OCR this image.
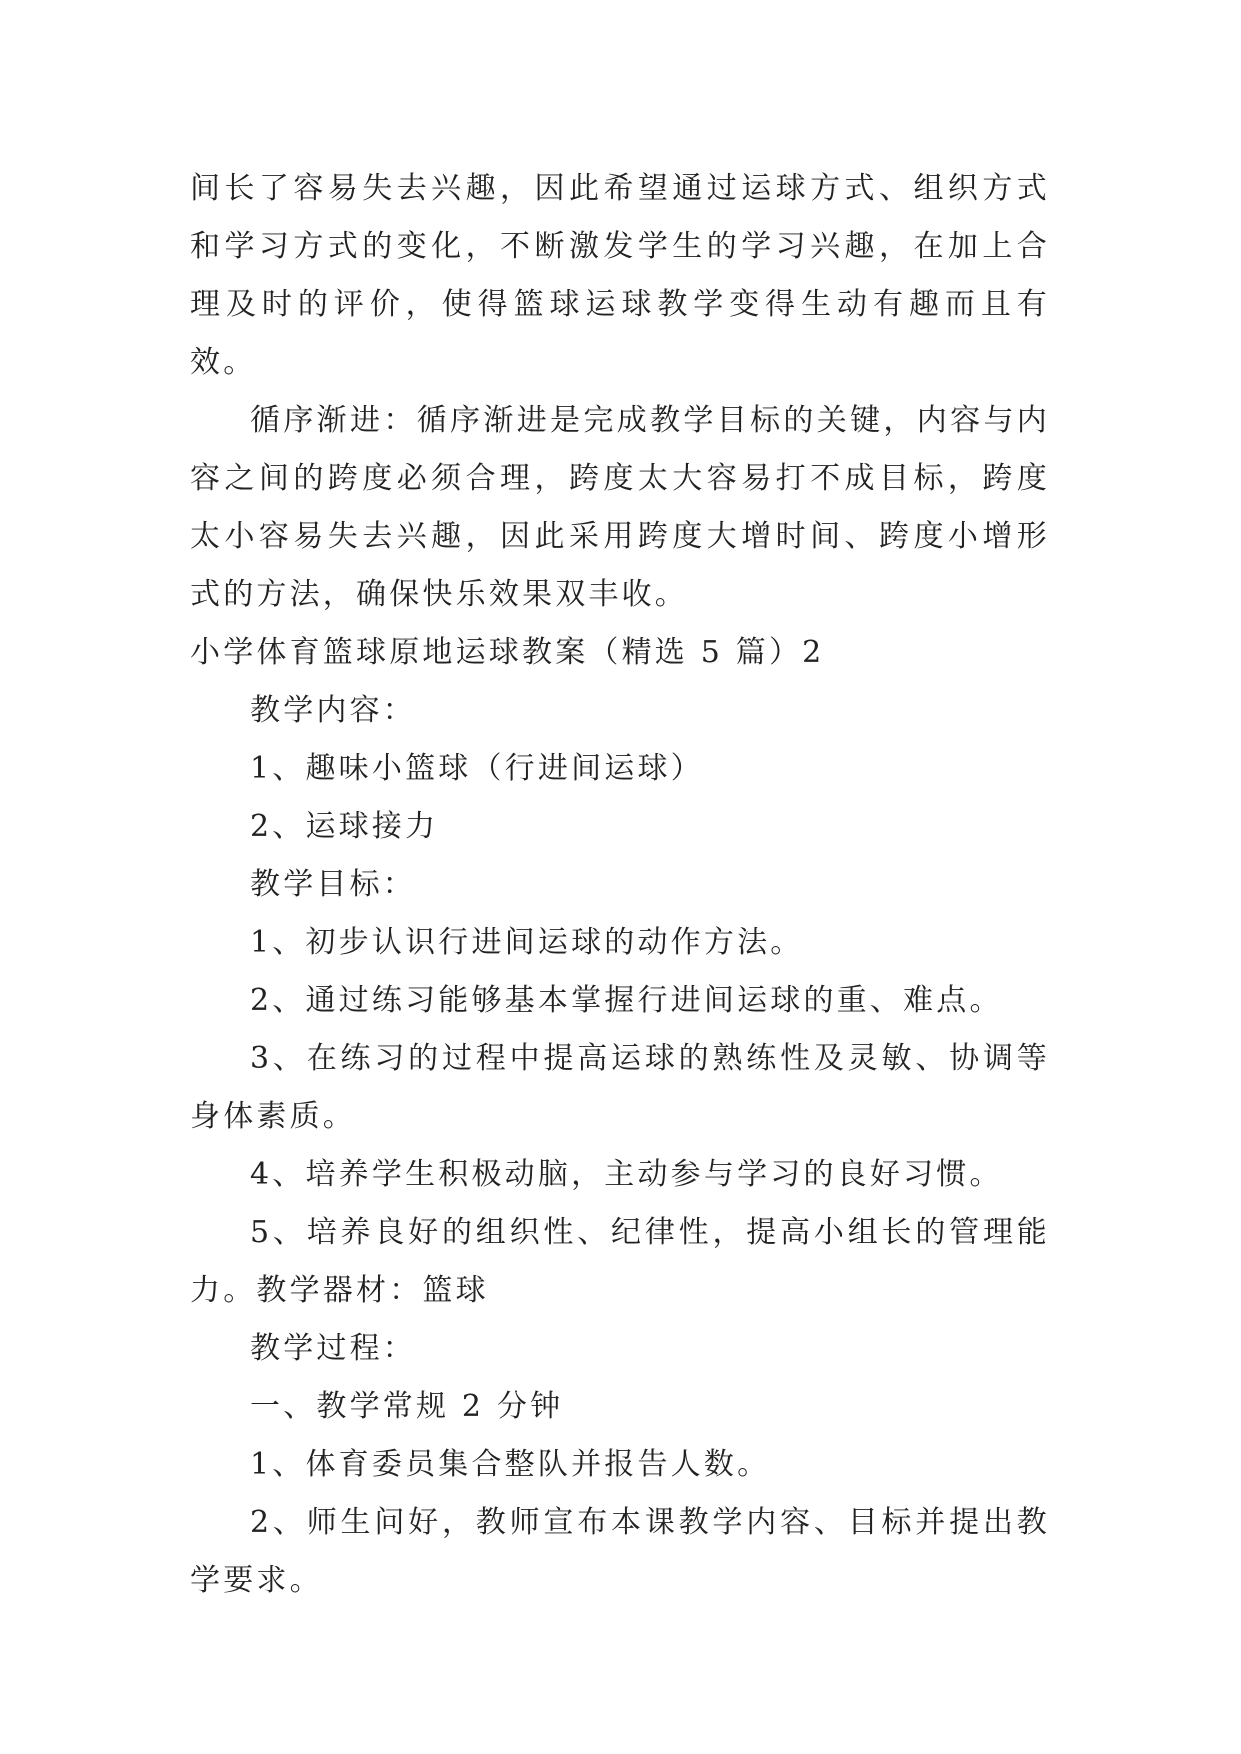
间长了容易失去兴趣，因此希望通过运球方式、组织方式和学习方式的变化，不断激发学生的学习兴趣，在加上合理及时的评价，使得篮球运球教学变得生动有趣而且有效。

循序渐进：循序渐进是完成教学目标的关键，内容与内容之间的跨度必须合理，跨度太大容易打不成目标，跨度太小容易失去兴趣，因此采用跨度大增时间、跨度小增形式的方法，确保快乐效果双丰收。

小学体育篮球原地运球教案（精选 5 篇）2

教学内容：

1、趣味小篮球（行进间运球）

2、运球接力

教学目标：

1、初步认识行进间运球的动作方法。

2、通过练习能够基本掌握行进间运球的重、难点。

3、在练习的过程中提高运球的熟练性及灵敏、协调等身体素质。

4、培养学生积极动脑，主动参与学习的良好习惯。

5、培养良好的组织性、纪律性，提高小组长的管理能力。教学器材：篮球

教学过程：

一、教学常规 2 分钟

1、体育委员集合整队并报告人数。

2、师生问好，教师宣布本课教学内容、目标并提出教学要求。
